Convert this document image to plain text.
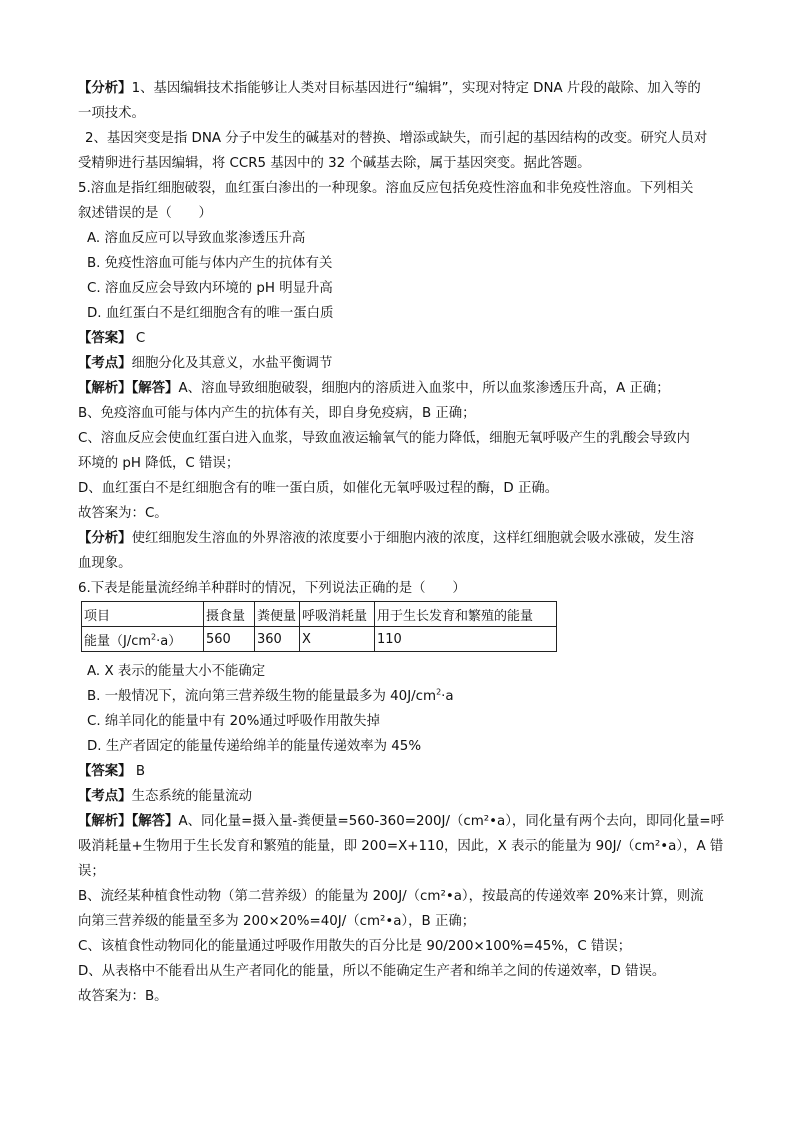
【分析】1、基因编辑技术指能够让人类对目标基因进行“编辑”，实现对特定 DNA 片段的敲除、加入等的
一项技术。
2、基因突变是指 DNA 分子中发生的碱基对的替换、增添或缺失，而引起的基因结构的改变。研究人员对
受精卵进行基因编辑，将 CCR5 基因中的 32 个碱基去除，属于基因突变。据此答题。
5.溶血是指红细胞破裂，血红蛋白渗出的一种现象。溶血反应包括免疫性溶血和非免疫性溶血。下列相关
叙述错误的是（　　）
A. 溶血反应可以导致血浆渗透压升高
B. 免疫性溶血可能与体内产生的抗体有关
C. 溶血反应会导致内环境的 pH 明显升高
D. 血红蛋白不是红细胞含有的唯一蛋白质
【答案】 C
【考点】细胞分化及其意义，水盐平衡调节
【解析】【解答】A、溶血导致细胞破裂，细胞内的溶质进入血浆中，所以血浆渗透压升高，A 正确；
B、免疫溶血可能与体内产生的抗体有关，即自身免疫病，B 正确；
C、溶血反应会使血红蛋白进入血浆，导致血液运输氧气的能力降低，细胞无氧呼吸产生的乳酸会导致内
环境的 pH 降低，C 错误；
D、血红蛋白不是红细胞含有的唯一蛋白质，如催化无氧呼吸过程的酶，D 正确。
故答案为：C。
【分析】使红细胞发生溶血的外界溶液的浓度要小于细胞内液的浓度，这样红细胞就会吸水涨破，发生溶
血现象。
6.下表是能量流经绵羊种群时的情况，下列说法正确的是（　　）
项目	摄食量	粪便量	呼吸消耗量	用于生长发育和繁殖的能量
能量$(J/cm^2\cdot a)$	560	360	X	110
A. X 表示的能量大小不能确定
B. 一般情况下，流向第三营养级生物的能量最多为 $40J/cm^2\cdot a$
C. 绵羊同化的能量中有 20%通过呼吸作用散失掉
D. 生产者固定的能量传递给绵羊的能量传递效率为 45%
【答案】 B
【考点】生态系统的能量流动
【解析】【解答】A、同化量=摄入量-粪便量=560-360=200J/（cm²•a），同化量有两个去向，即同化量=呼
吸消耗量+生物用于生长发育和繁殖的能量，即 200=X+110，因此，X 表示的能量为 90J/（cm²•a），A 错
误；
B、流经某种植食性动物（第二营养级）的能量为 200J/（cm²•a），按最高的传递效率 20%来计算，则流
向第三营养级的能量至多为 200×20%=40J/（cm²•a），B 正确；
C、该植食性动物同化的能量通过呼吸作用散失的百分比是 90/200×100%=45%，C 错误；
D、从表格中不能看出从生产者同化的能量，所以不能确定生产者和绵羊之间的传递效率，D 错误。
故答案为：B。
